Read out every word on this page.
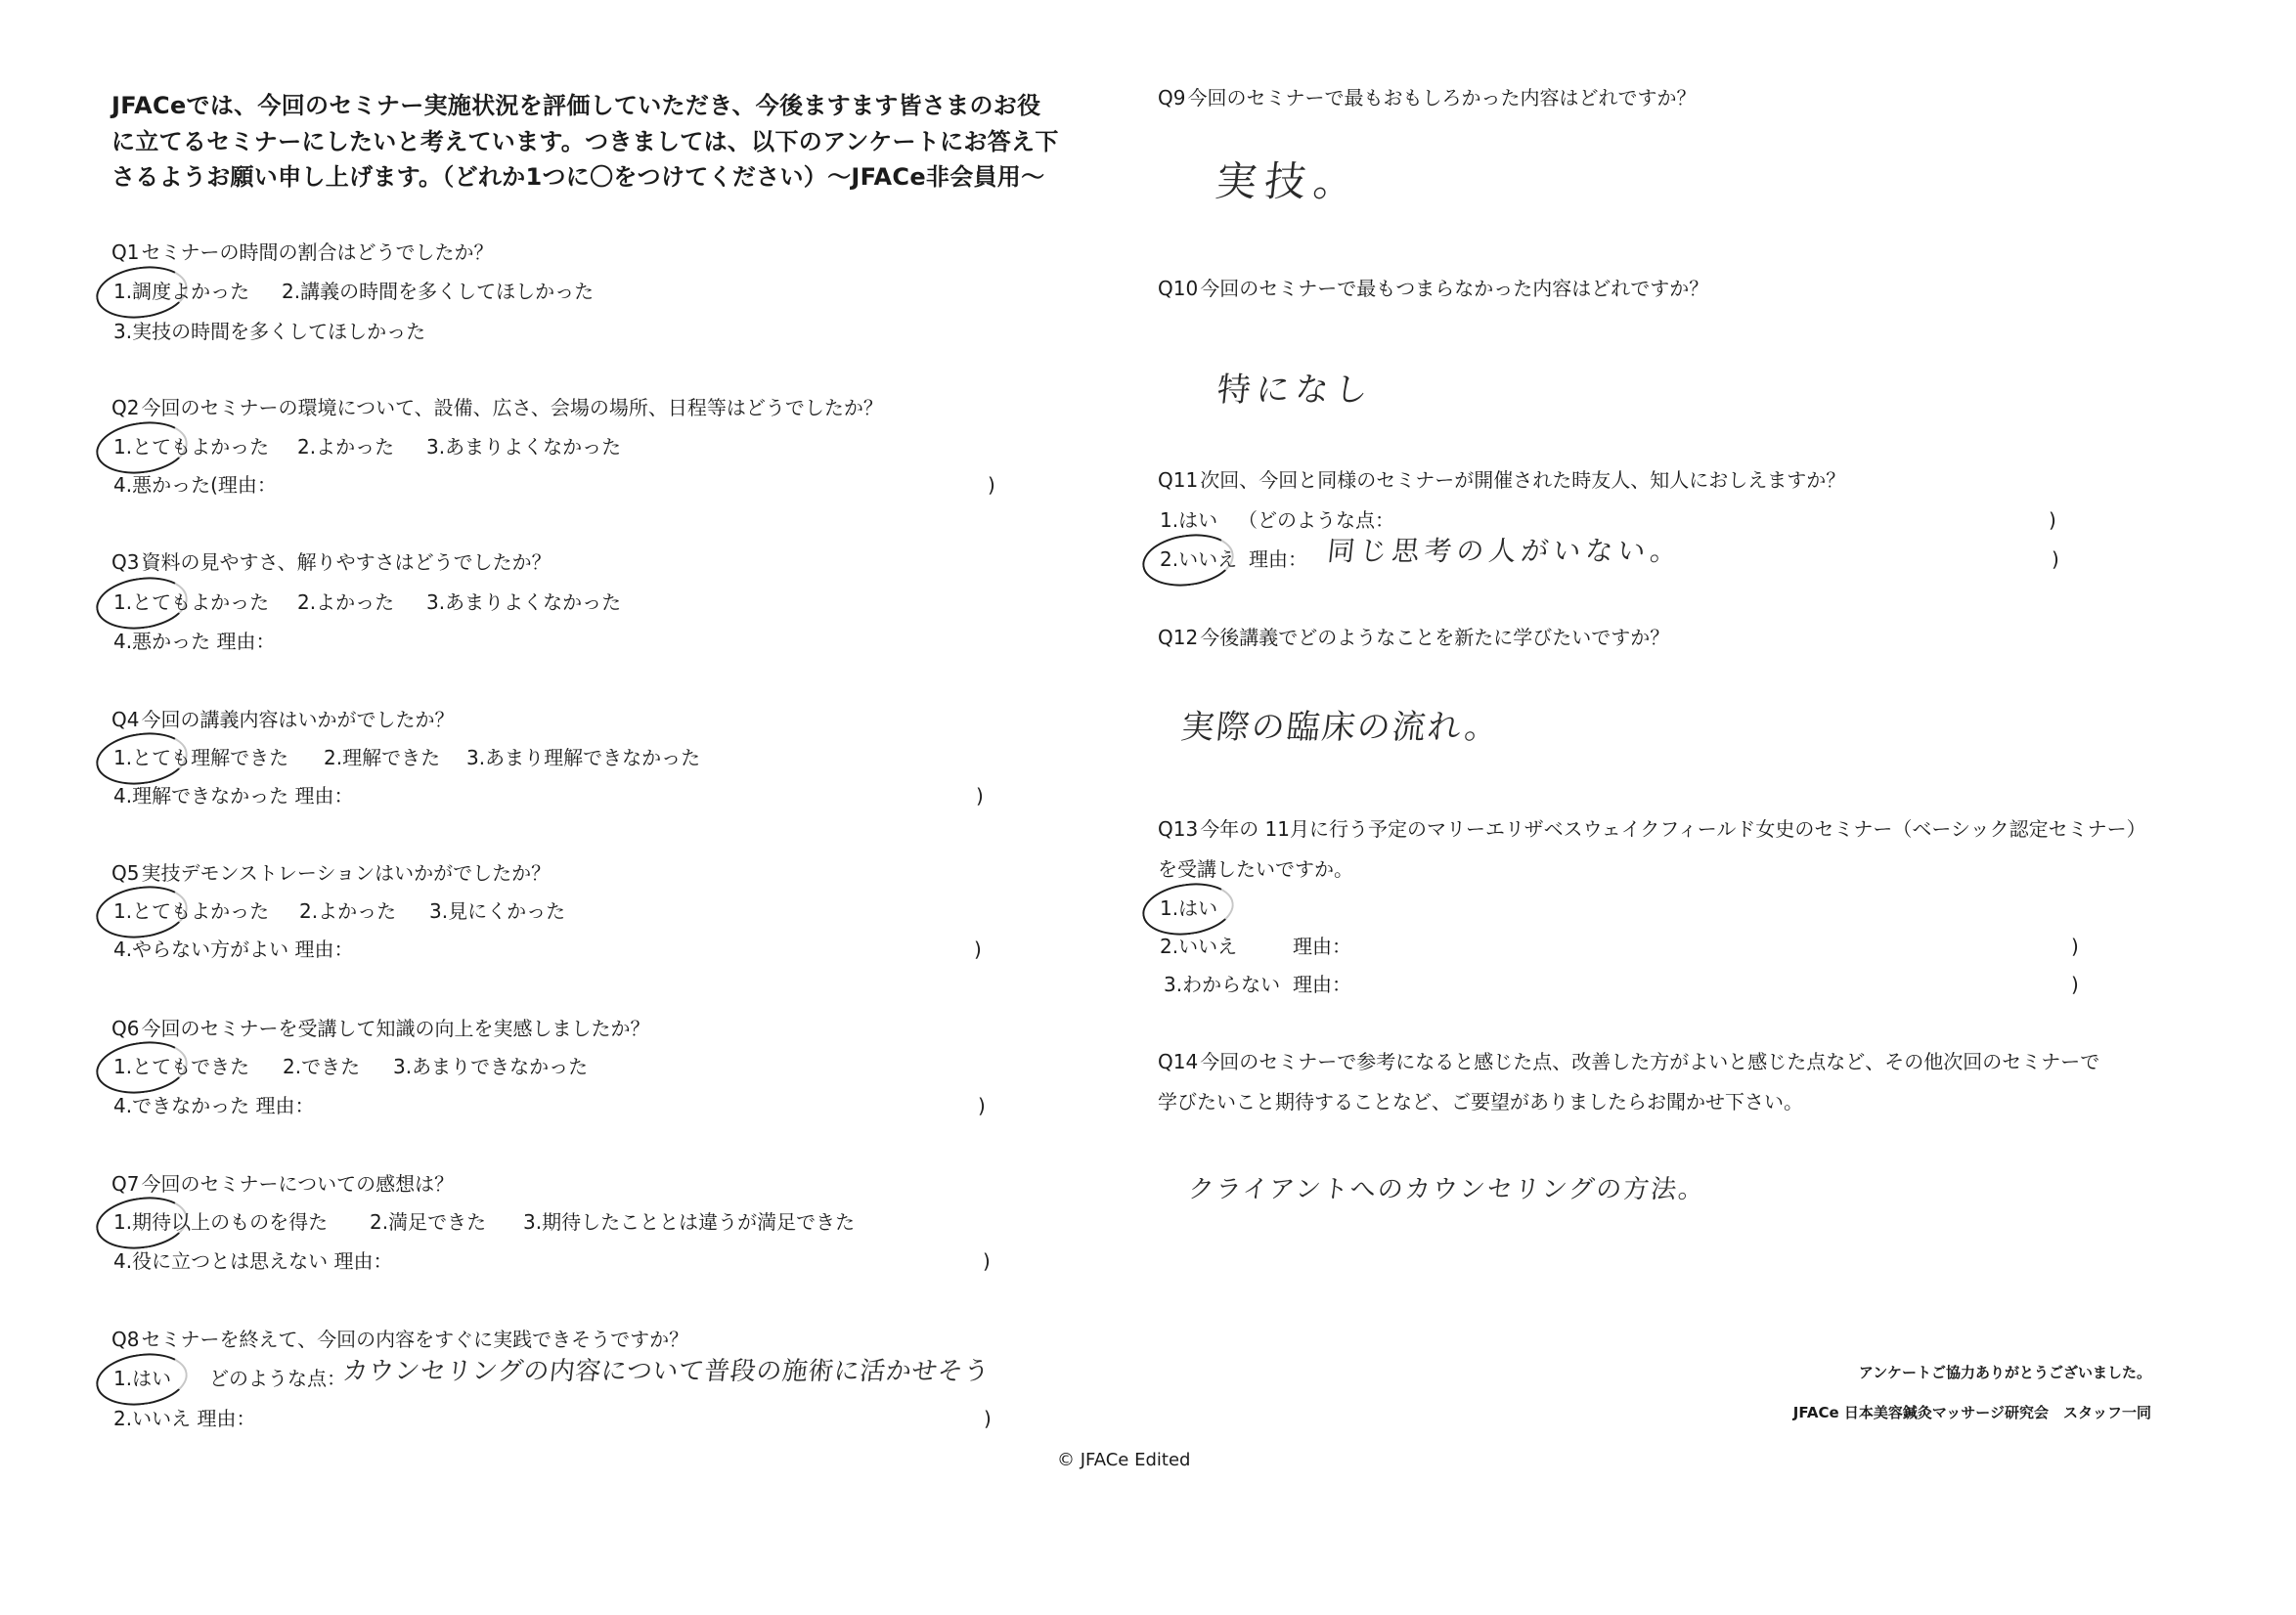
JFACeでは、今回のセミナー実施状況を評価していただき、今後ますます皆さまのお役
に立てるセミナーにしたいと考えています。つきましては、以下のアンケートにお答え下
さるようお願い申し上げます。（どれか1つに〇をつけてください）～JFACe非会員用～
Q1 セミナーの時間の割合はどうでしたか？
1.調度よかった 2.講義の時間を多くしてほしかった
3.実技の時間を多くしてほしかった
Q2 今回のセミナーの環境について、設備、広さ、会場の場所、日程等はどうでしたか？
1.とてもよかった 2.よかった 3.あまりよくなかった
4.悪かった(理由：	)
Q3 資料の見やすさ、解りやすさはどうでしたか？
1.とてもよかった 2.よかった 3.あまりよくなかった
4.悪かった 理由：
Q4 今回の講義内容はいかがでしたか？
1.とても理解できた 2.理解できた 3.あまり理解できなかった
4.理解できなかった 理由：	)
Q5 実技デモンストレーションはいかがでしたか？
1.とてもよかった 2.よかった 3.見にくかった
4.やらない方がよい 理由：	)
Q6 今回のセミナーを受講して知識の向上を実感しましたか？
1.とてもできた 2.できた 3.あまりできなかった
4.できなかった 理由：	)
Q7 今回のセミナーについての感想は？
1.期待以上のものを得た 2.満足できた 3.期待したこととは違うが満足できた
4.役に立つとは思えない 理由：	)
Q8 セミナーを終えて、今回の内容をすぐに実践できそうですか？
1.はい どのような点：
カウンセリングの内容について普段の施術に活かせそう
2.いいえ 理由：	)
Q9 今回のセミナーで最もおもしろかった内容はどれですか？
実技。
Q10 今回のセミナーで最もつまらなかった内容はどれですか？
特になし
Q11 次回、今回と同様のセミナーが開催された時友人、知人におしえますか？
1.はい （どのような点：	)
2.いいえ 理由： 同じ思考の人がいない。	)
Q12 今後講義でどのようなことを新たに学びたいですか？
実際の臨床の流れ。
Q13 今年の 11月に行う予定のマリーエリザベスウェイクフィールド女史のセミナー（ベーシック認定セミナー）
を受講したいですか。
1.はい
2.いいえ	理由：	)
3.わからない 理由：	)
Q14 今回のセミナーで参考になると感じた点、改善した方がよいと感じた点など、その他次回のセミナーで
学びたいこと期待することなど、ご要望がありましたらお聞かせ下さい。
クライアントへのカウンセリングの方法。
アンケートご協力ありがとうございました。
JFACe 日本美容鍼灸マッサージ研究会　スタッフ一同
© JFACe Edited
